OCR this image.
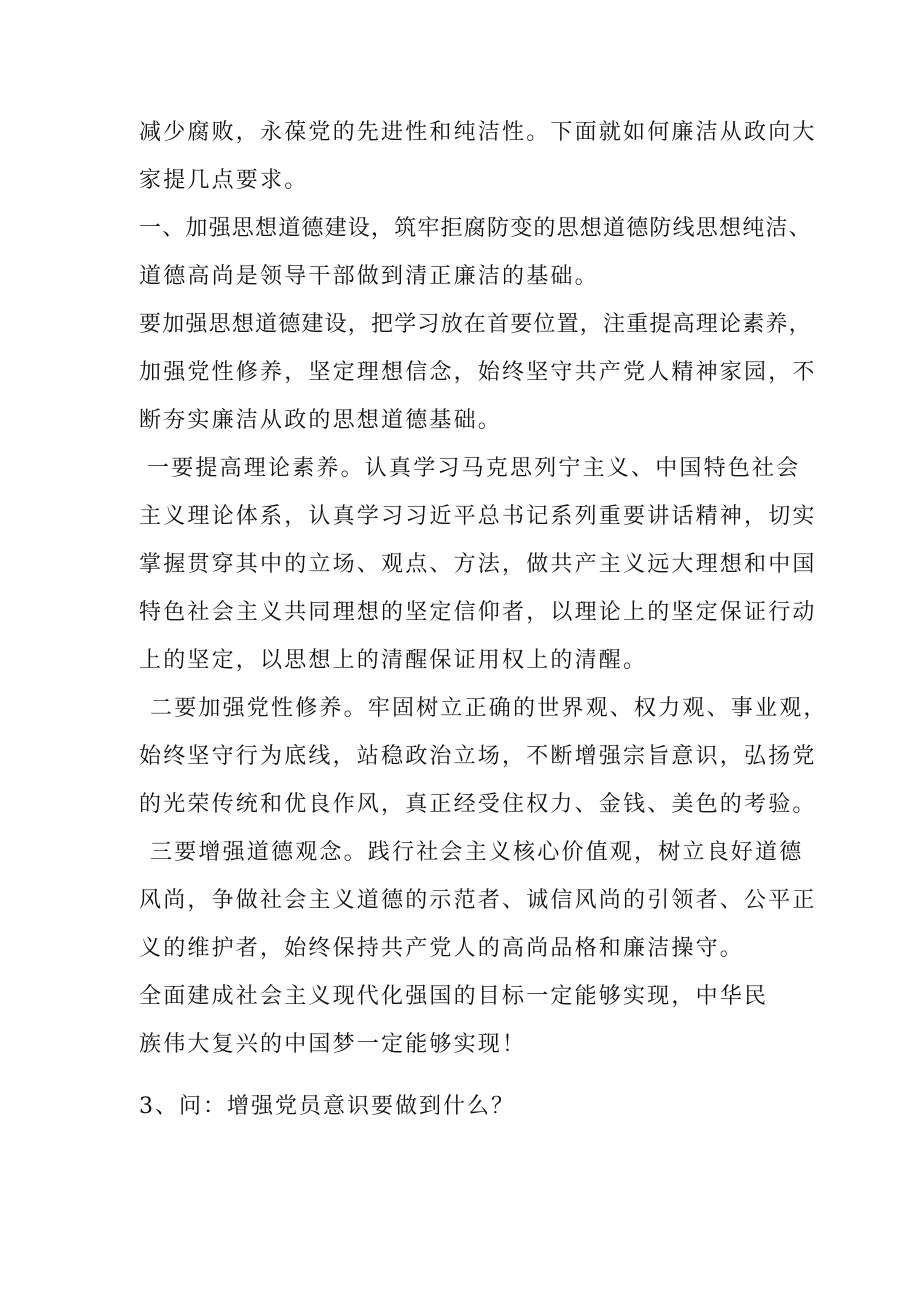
减少腐败，永葆党的先进性和纯洁性。下面就如何廉洁从政向大
家提几点要求。
一、加强思想道德建设，筑牢拒腐防变的思想道德防线思想纯洁、
道德高尚是领导干部做到清正廉洁的基础。
要加强思想道德建设，把学习放在首要位置，注重提高理论素养，
加强党性修养，坚定理想信念，始终坚守共产党人精神家园，不
断夯实廉洁从政的思想道德基础。
一要提高理论素养。认真学习马克思列宁主义、中国特色社会
主义理论体系，认真学习习近平总书记系列重要讲话精神，切实
掌握贯穿其中的立场、观点、方法，做共产主义远大理想和中国
特色社会主义共同理想的坚定信仰者，以理论上的坚定保证行动
上的坚定，以思想上的清醒保证用权上的清醒。
二要加强党性修养。牢固树立正确的世界观、权力观、事业观，
始终坚守行为底线，站稳政治立场，不断增强宗旨意识，弘扬党
的光荣传统和优良作风，真正经受住权力、金钱、美色的考验。
三要增强道德观念。践行社会主义核心价值观，树立良好道德
风尚，争做社会主义道德的示范者、诚信风尚的引领者、公平正
义的维护者，始终保持共产党人的高尚品格和廉洁操守。
全面建成社会主义现代化强国的目标一定能够实现，中华民
族伟大复兴的中国梦一定能够实现！
3、问：增强党员意识要做到什么？
